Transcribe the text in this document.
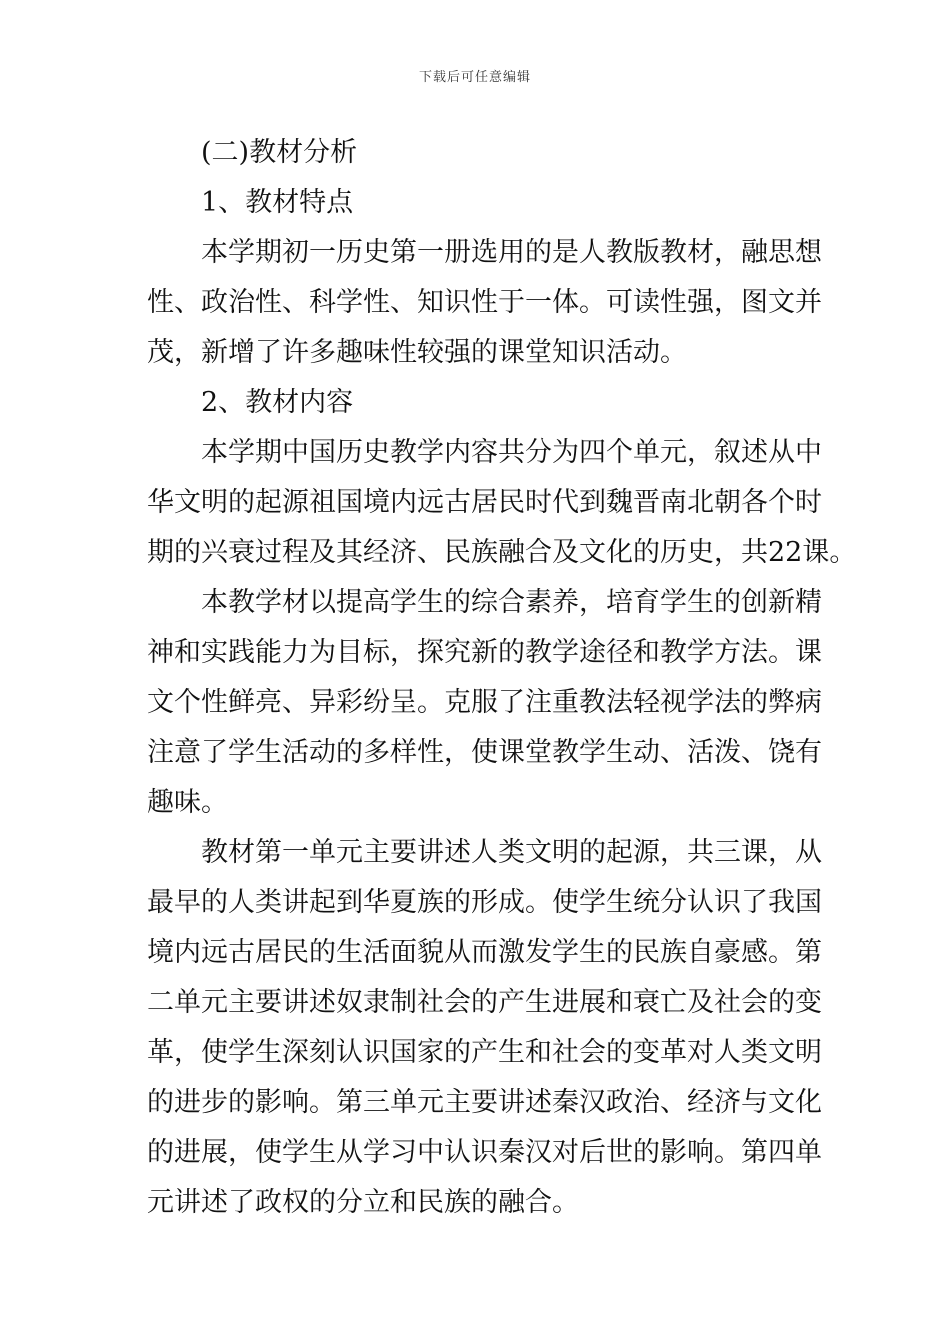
下载后可任意编辑
(二)教材分析
1、教材特点
本学期初一历史第一册选用的是人教版教材，融思想
性、政治性、科学性、知识性于一体。可读性强，图文并
茂，新增了许多趣味性较强的课堂知识活动。
2、教材内容
本学期中国历史教学内容共分为四个单元，叙述从中
华文明的起源祖国境内远古居民时代到魏晋南北朝各个时
期的兴衰过程及其经济、民族融合及文化的历史，共22课。
本教学材以提高学生的综合素养，培育学生的创新精
神和实践能力为目标，探究新的教学途径和教学方法。课
文个性鲜亮、异彩纷呈。克服了注重教法轻视学法的弊病
注意了学生活动的多样性，使课堂教学生动、活泼、饶有
趣味。
教材第一单元主要讲述人类文明的起源，共三课，从
最早的人类讲起到华夏族的形成。使学生统分认识了我国
境内远古居民的生活面貌从而激发学生的民族自豪感。第
二单元主要讲述奴隶制社会的产生进展和衰亡及社会的变
革，使学生深刻认识国家的产生和社会的变革对人类文明
的进步的影响。第三单元主要讲述秦汉政治、经济与文化
的进展，使学生从学习中认识秦汉对后世的影响。第四单
元讲述了政权的分立和民族的融合。
